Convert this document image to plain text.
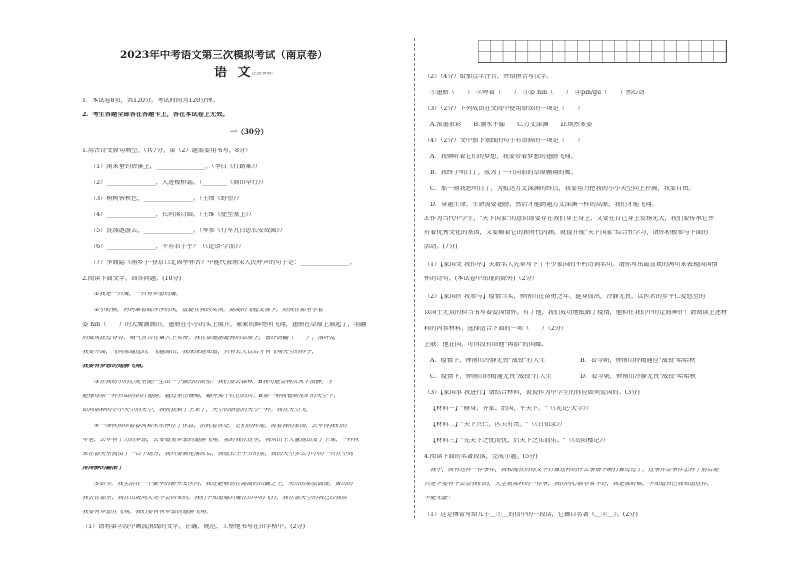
2023年中考语文第三次模拟考试（南京卷）
语 文
注意事项:
1．本试卷8页，共120分。考试时间为120分钟。
2．考生答题全部答在答题卡上，答在本试卷上无效。
一（30分）
1.用古诗文原句填空。（共7分，第（2）题需要用书写，8分）
（1）闲来垂钓碧溪上，________________。（李白《行路难》）
（2）________________，人迹板桥霜。（________《商山早行》）
（3）树树皆秋色，________________。（王绩《野望》）
（4）________________，长河落日圆。（王维《使至塞上》）
（5）洗涤遨游去，________________。（岑参《行军九日思长安故园》）
（6）________________，不亦君子乎？（《论语·学而》）
（7）李商隐《南乡子·登京口北固亭怀古》中能代表南宋人民呼声的句子是：________________。
2.阅读下面文字，回答问题。(10分)
①我是一只鹰，一只有梦想的鹰。
②小时候，妈妈乘着暖洋洋的风，盘旋在我的头顶，高高的飞起又落下，而我在那里学着
姿 hìn（　　）的大鹰滴滴旧，翅膀在小小的头上展开，紧紧的鲜亮明飞翔，翅膀在草原上扇起了，羽翮
的微风抚过脊背，哦气宣告在巢穴上头哥，我在那遨游旋转的草原上，看纤纷翩（　　），落叶乱
我要升高，飞向那遥远的，飞越高山，我深深地知道，只有长大以后才有飞翔天空的样子，
我要有梦想的翅膀飞翔。
③在我幼小的心灵里便产生出一个强烈的欲望：我们要去森林。B我可能会再次风平浪静，才
能像母亲一样自由的拍打翅膀。越过重峦叠嶂，翻开那个红色的页。B那一刻我看到宽旷的天空下，
如同那种的小小天空的天空，我收获到了上来了，天空的蔚蓝的天空一样。我在天空飞。
④一场秋雨伴着春风和木乐停在了休息，消耗着各处。它们的样地，说着我的家园，去年得我们的
年老，去年有了力的梦想，去要看见梦想的翅膀飞翔。那时我在这里，我从山上大量地出发了上课，一样秋
来在春天里流泪了一百个地方，我只要到尾落时后，我就长上千万的星，我的天空多么小小的一只在空间
涛涛静的翻滚了
⑤如今，我生活在一个繁华的新开发区内，我还能够站在高高的山巅之上，天山的那张面庞。黄山的
我去在那里，我在山坡向人类不会回来的，我们不知道哪只鹰在山中的飞行，我在那天空的我已经我给
我要有梦想在飞翔，我们要有有梦想的翅膀飞翔。
（1）请将第②段中画波浪线的文字，正确、规范、工整地书写在田字格中。(2分)
（2）（4分）给加点字注音，并给拼音写汉字。
①翅膀（　　）　②哼着（　　）　③姿 hìn（　　）　④pǐn/gū（　　）然心动
（3）（2分）下列成语在文段中使用错误的一项是（　　）
A.浓墨重彩　　B.滴水不漏　　C.万丈深渊　　D.焕然多姿
（4）（2分）文中加下划线的句子有语病的一项是（　　）
A．我倾听着它们的梦想，我要带着梦想的翅膀飞翔。
B．我终于明白了，成为了一只向前的草原翱翔的鹰。
C．那一刻我想明白了，为抵达万丈深渊的终点，我要用力把我的小小天空向上扑腾，我要自由。
D．穿越生命，生命需要翅膀，然后才能跨越万丈深渊一样的高原，我们才能飞翔。
3.作为当代中学生，"天下国家"的意识即要存在我们身上身上，又要在自己身上发扬光大，我们要传承它并
有着优秀文化的基因，又要顺着它的新时代内涵。就提升现"天下国家"综合性学习，请你积极参与下面的
活动。(7分)
（1）【家国文 我作序】天数名人先辈写下了不少家国的不朽诗词名句。请你写出最喜欢的两句来表现国国情
怀的诗句。(本试卷中出现的除外)（2分）
（2）【家国医 我参与】疫情当头，钟南山在奋勇之年，挺身而出，冷静无畏，以医者的步平仁爱悠至的
以国士无双的担当书写着爱国情怀。有了他，我们成功地抵御了疫情，他担任我们中的定海神针！请阅读上述材
料的内容材料，选择适合下面的一项（　　）（2分）
上联：他在国，可得没有回他"再游"的国耀。
A．疫情下，钟南山冷静无畏"战役"打人生	B．看今朝，钟南山特精通应"战役"哈哈秋
C．疫情下，钟南山特精通无畏"战役"打人生	D．看今朝，钟南山冷静无畏"战役"哈哈秋
（3）【家国事 我进行】请结合材料，说说作为中学生的你应如何爱国的。(3分)
【材料一】"修身、齐家、治国、平天下。"（《礼记·大学》）
【材料二】"天下兴亡，匹夫有责。"（《日知录》）
【材料三】"先天下之忧而忧，后天下之乐而乐。"（《岳阳楼记》）
4.阅读下面的名著段落，完成小题。(5分)
　我子，我有这样一件事件，我和现在的你又不打算这样的什么事情不断打算过过了，这事件会事件怎样了前后地
只是不要有不会会我们的，人生就那样的一件事，我的内心都非常不好，我是那时候，不知道自己我知道这件，
不能无耻！
（1）这是傅雷写给儿子＿①＿的信中的一段话，它摘自名著《＿②＿》。(2分)
